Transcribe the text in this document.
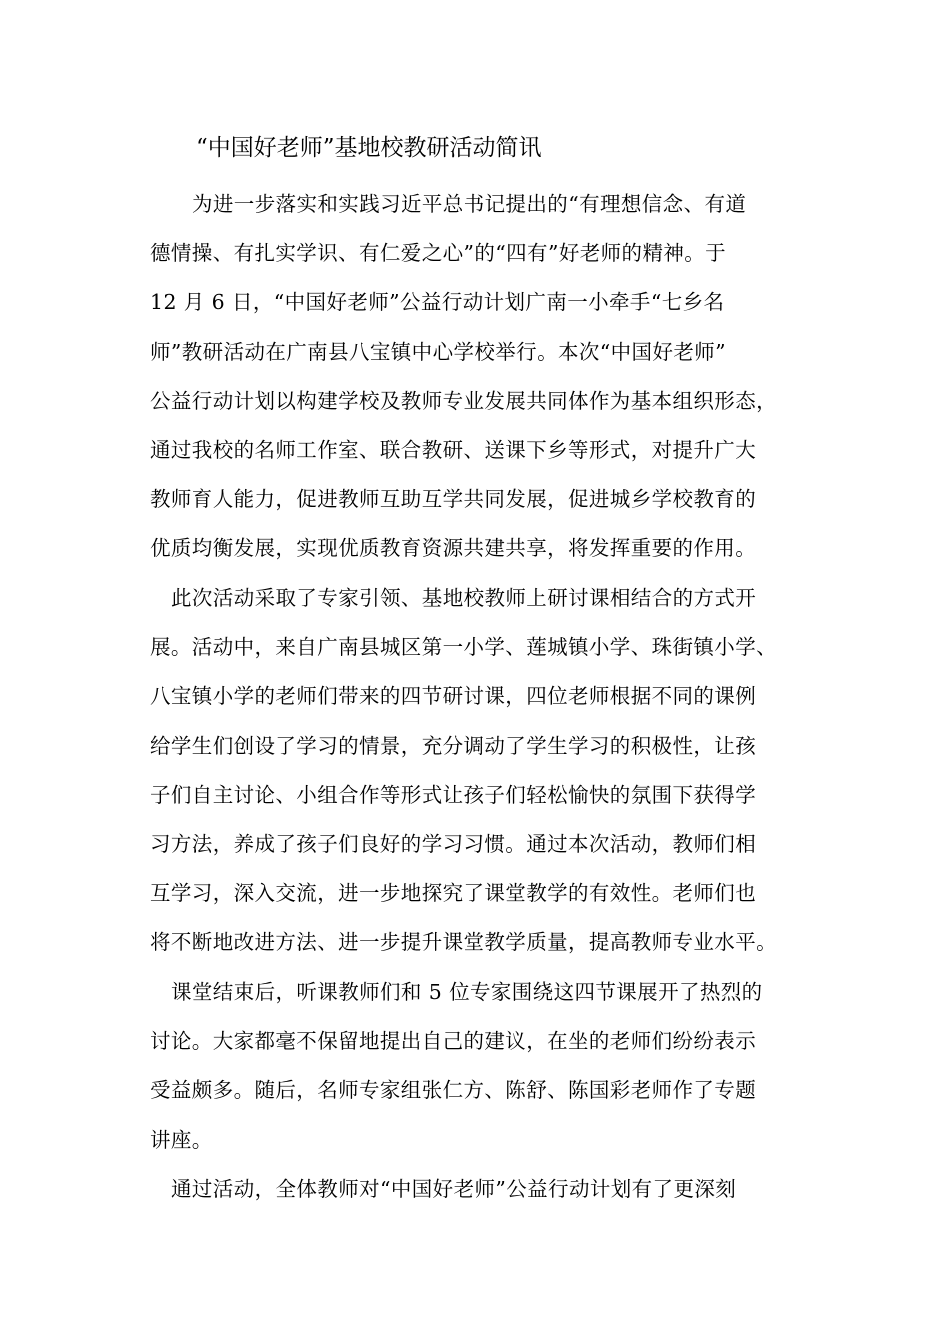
“中国好老师”基地校教研活动简讯

为进一步落实和实践习近平总书记提出的“有理想信念、有道
德情操、有扎实学识、有仁爱之心”的“四有”好老师的精神。于
12 月 6 日，“中国好老师”公益行动计划广南一小牵手“七乡名
师”教研活动在广南县八宝镇中心学校举行。本次“中国好老师”
公益行动计划以构建学校及教师专业发展共同体作为基本组织形态，
通过我校的名师工作室、联合教研、送课下乡等形式，对提升广大
教师育人能力，促进教师互助互学共同发展，促进城乡学校教育的
优质均衡发展，实现优质教育资源共建共享，将发挥重要的作用。

此次活动采取了专家引领、基地校教师上研讨课相结合的方式开
展。活动中，来自广南县城区第一小学、莲城镇小学、珠街镇小学、
八宝镇小学的老师们带来的四节研讨课，四位老师根据不同的课例
给学生们创设了学习的情景，充分调动了学生学习的积极性，让孩
子们自主讨论、小组合作等形式让孩子们轻松愉快的氛围下获得学
习方法，养成了孩子们良好的学习习惯。通过本次活动，教师们相
互学习，深入交流，进一步地探究了课堂教学的有效性。老师们也
将不断地改进方法、进一步提升课堂教学质量，提高教师专业水平。

课堂结束后，听课教师们和 5 位专家围绕这四节课展开了热烈的
讨论。大家都毫不保留地提出自己的建议，在坐的老师们纷纷表示
受益颇多。随后，名师专家组张仁方、陈舒、陈国彩老师作了专题
讲座。

通过活动，全体教师对“中国好老师”公益行动计划有了更深刻
